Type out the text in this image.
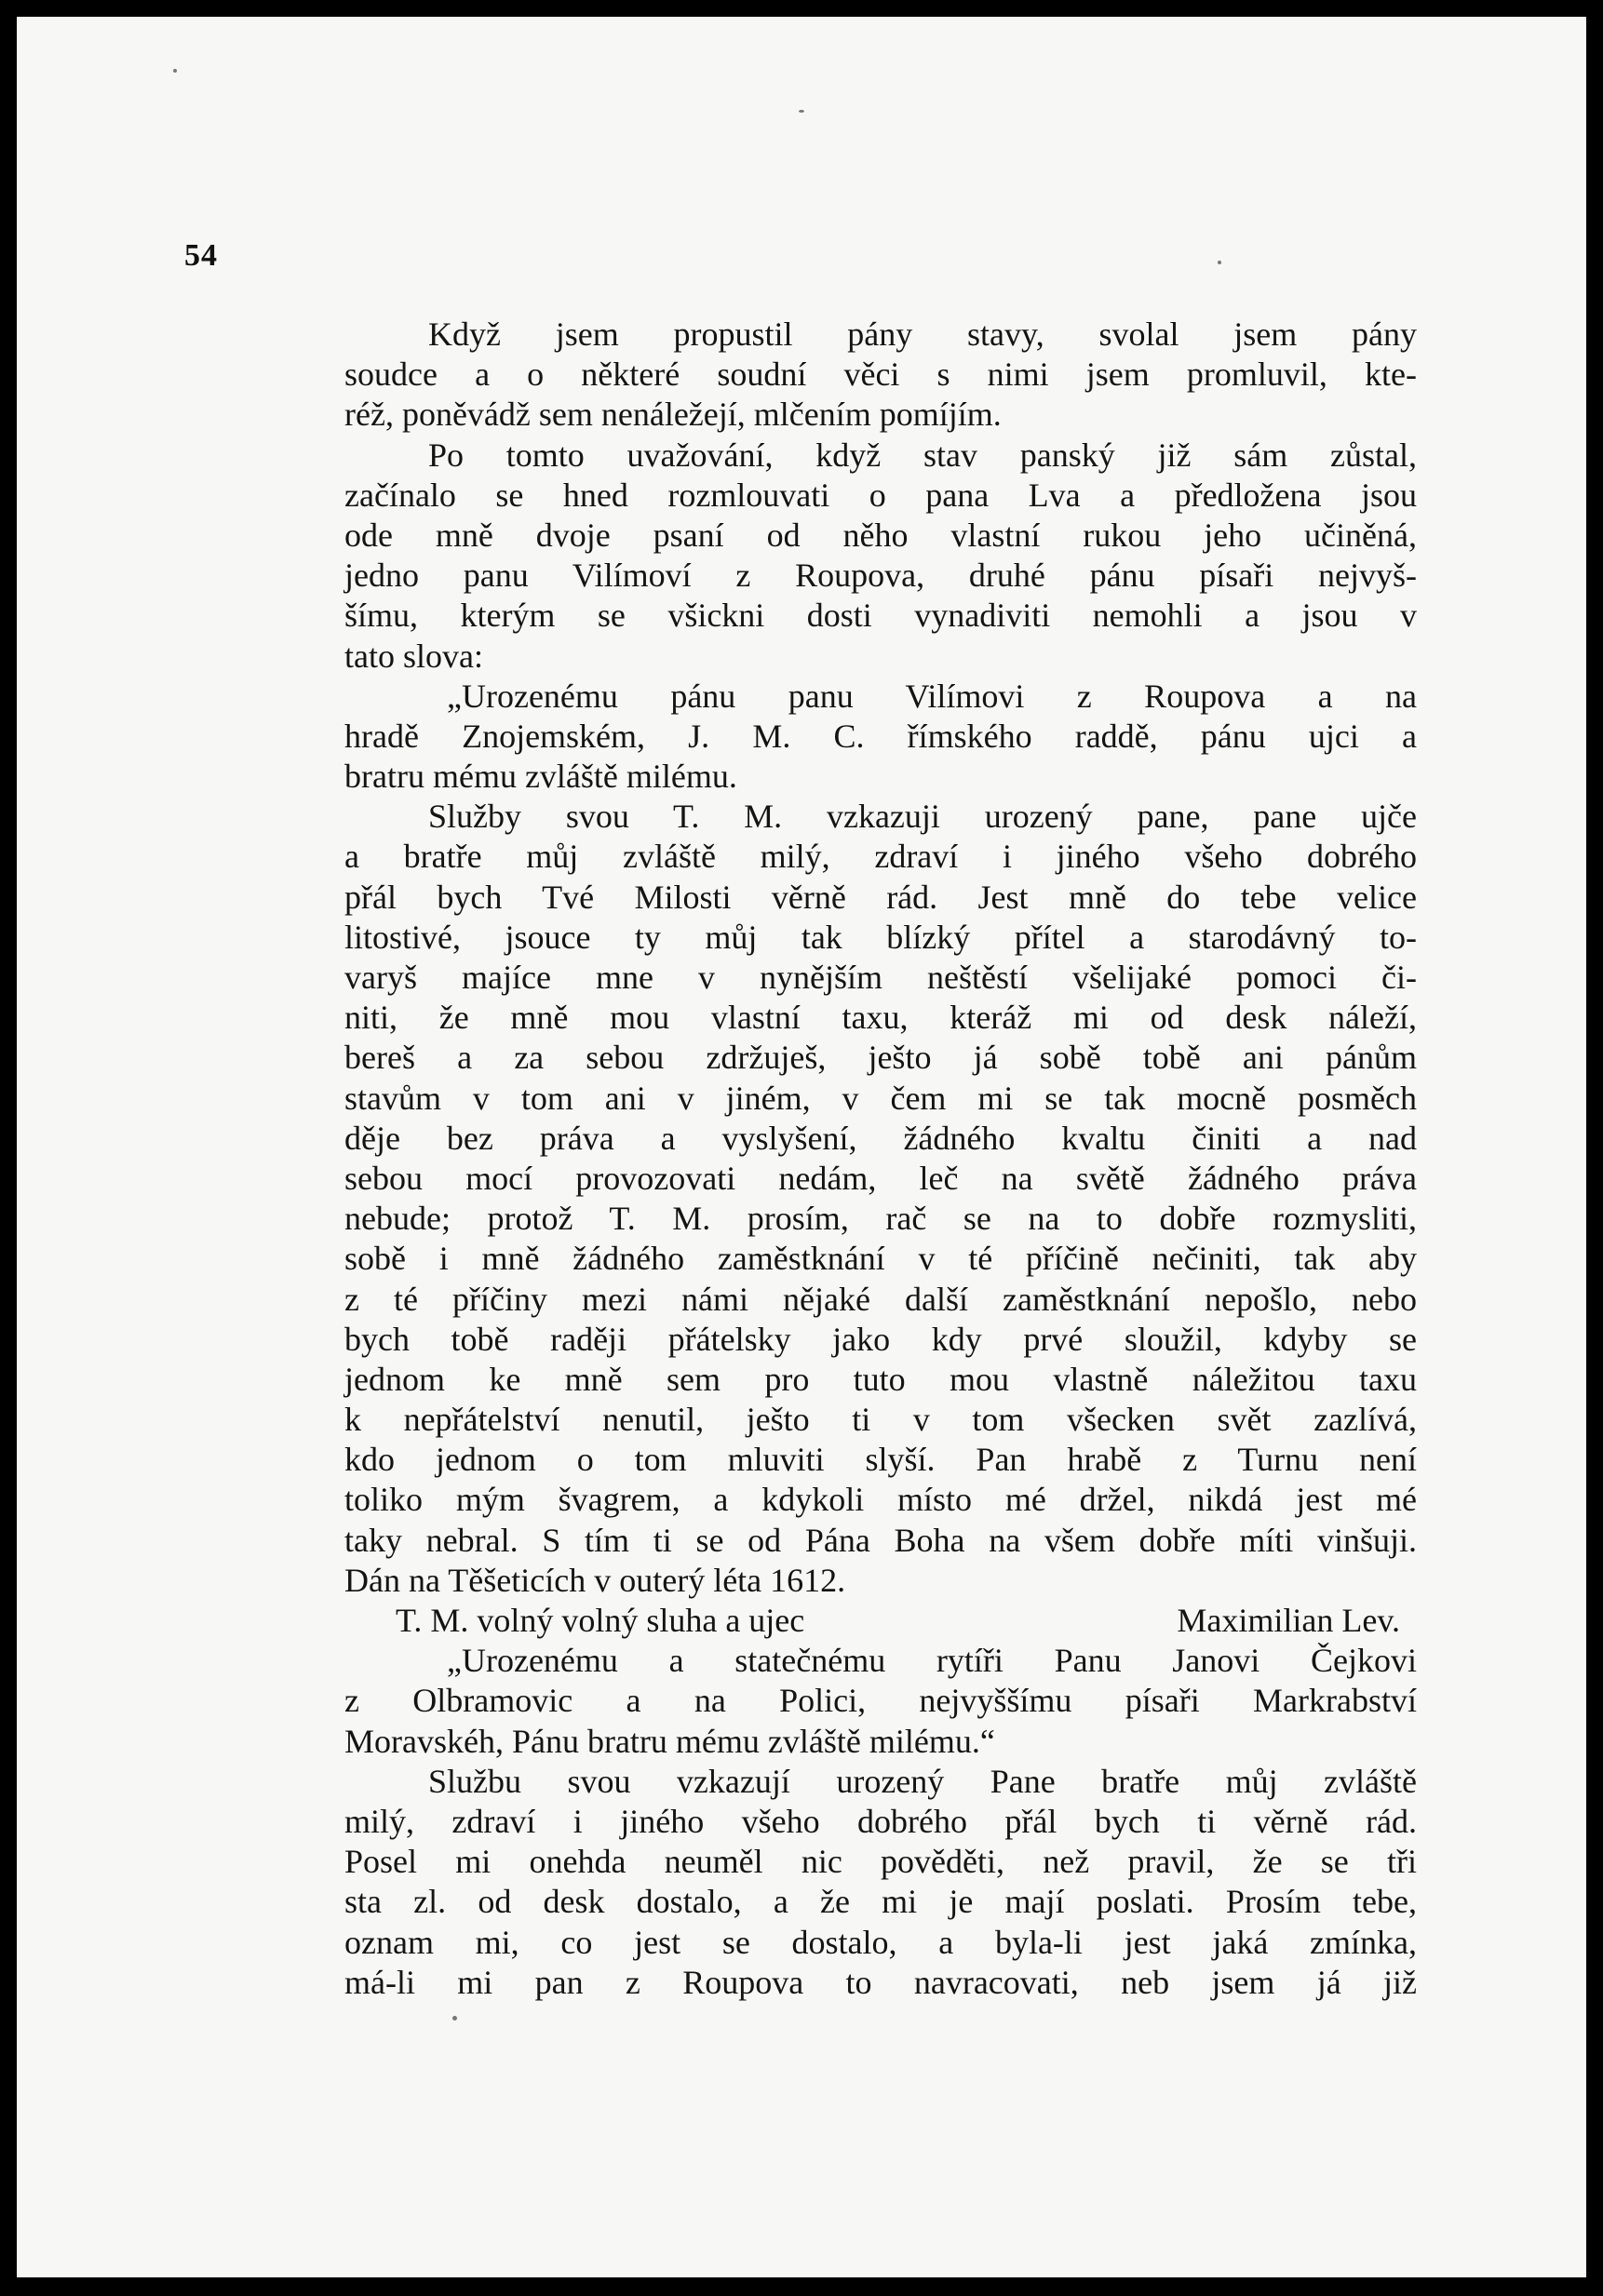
54
Když jsem propustil pány stavy, svolal jsem pány
soudce a o některé soudní věci s nimi jsem promluvil, kte-
réž, poněvádž sem nenáležejí, mlčením pomíjím.
Po tomto uvažování, když stav panský již sám zůstal,
začínalo se hned rozmlouvati o pana Lva a předložena jsou
ode mně dvoje psaní od něho vlastní rukou jeho učiněná,
jedno panu Vilímoví z Roupova, druhé pánu písaři nejvyš-
šímu, kterým se všickni dosti vynadiviti nemohli a jsou v
tato slova:
„Urozenému pánu panu Vilímovi z Roupova a na
hradě Znojemském, J. M. C. římského raddě, pánu ujci a
bratru mému zvláště milému.
Služby svou T. M. vzkazuji urozený pane, pane ujče
a bratře můj zvláště milý, zdraví i jiného všeho dobrého
přál bych Tvé Milosti věrně rád. Jest mně do tebe velice
litostivé, jsouce ty můj tak blízký přítel a starodávný to-
varyš majíce mne v nynějším neštěstí všelijaké pomoci či-
niti, že mně mou vlastní taxu, kteráž mi od desk náleží,
bereš a za sebou zdržuješ, ješto já sobě tobě ani pánům
stavům v tom ani v jiném, v čem mi se tak mocně posměch
děje bez práva a vyslyšení, žádného kvaltu činiti a nad
sebou mocí provozovati nedám, leč na světě žádného práva
nebude; protož T. M. prosím, rač se na to dobře rozmysliti,
sobě i mně žádného zaměstknání v té příčině nečiniti, tak aby
z té příčiny mezi námi nějaké další zaměstknání nepošlo, nebo
bych tobě raději přátelsky jako kdy prvé sloužil, kdyby se
jednom ke mně sem pro tuto mou vlastně náležitou taxu
k nepřátelství nenutil, ješto ti v tom všecken svět zazlívá,
kdo jednom o tom mluviti slyší. Pan hrabě z Turnu není
toliko mým švagrem, a kdykoli místo mé držel, nikdá jest mé
taky nebral. S tím ti se od Pána Boha na všem dobře míti vinšuji.
Dán na Těšeticích v outerý léta 1612.
T. M. volný volný sluha a ujec	Maximilian Lev.
„Urozenému a statečnému rytíři Panu Janovi Čejkovi
z Olbramovic a na Polici, nejvyššímu písaři Markrabství
Moravskéh, Pánu bratru mému zvláště milému.“
Službu svou vzkazují urozený Pane bratře můj zvláště
milý, zdraví i jiného všeho dobrého přál bych ti věrně rád.
Posel mi onehda neuměl nic pověděti, než pravil, že se tři
sta zl. od desk dostalo, a že mi je mají poslati. Prosím tebe,
oznam mi, co jest se dostalo, a byla-li jest jaká zmínka,
má-li mi pan z Roupova to navracovati, neb jsem já již
